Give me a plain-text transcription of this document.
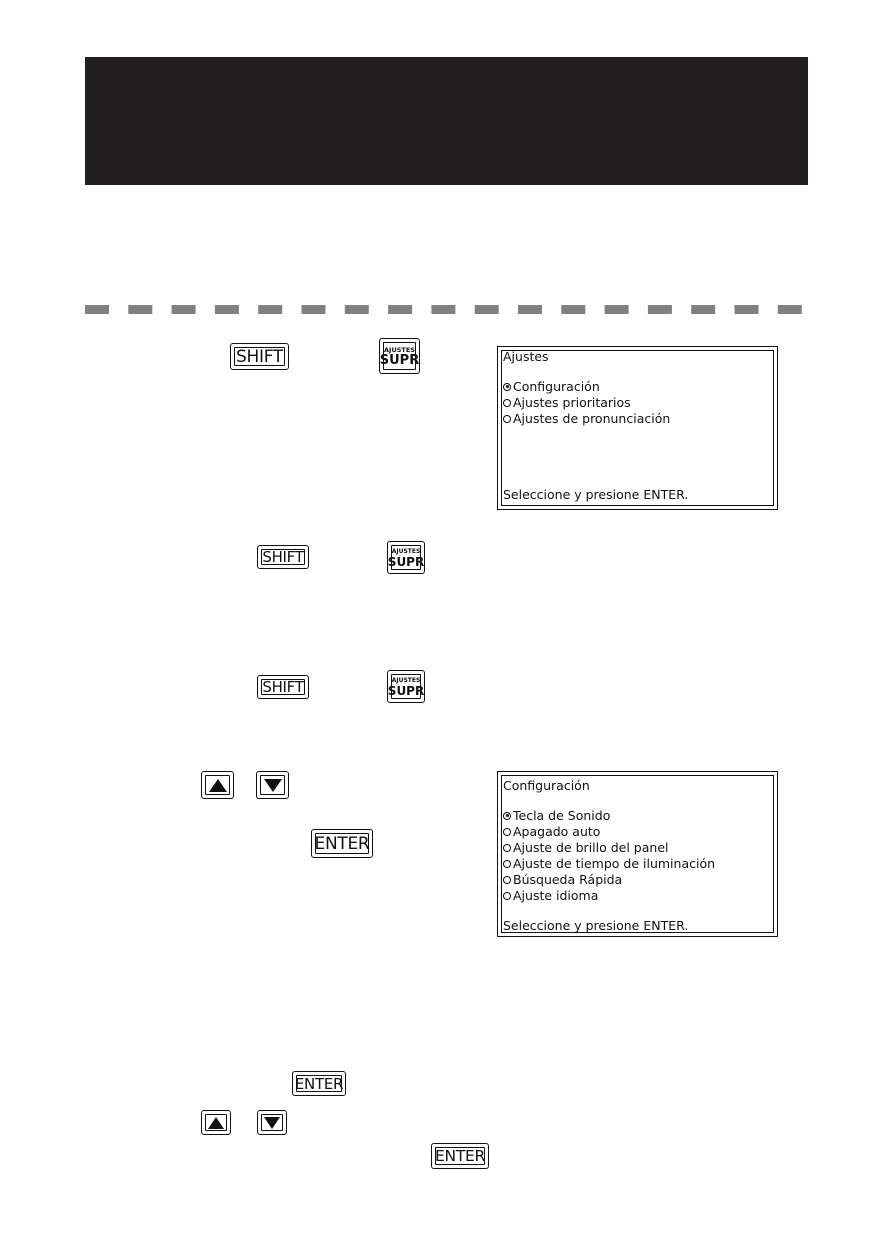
SHIFT	AJUSTES
SUPR	Ajustes
Configuración
Ajustes prioritarios
Ajustes de pronunciación
Seleccione y presione ENTER.
SHIFT	AJUSTES
SUPR
SHIFT	AJUSTES
SUPR
ENTER
Configuración
Tecla de Sonido
Apagado auto
Ajuste de brillo del panel
Ajuste de tiempo de iluminación
Búsqueda Rápida
Ajuste idioma
Seleccione y presione ENTER.
ENTER
ENTER
